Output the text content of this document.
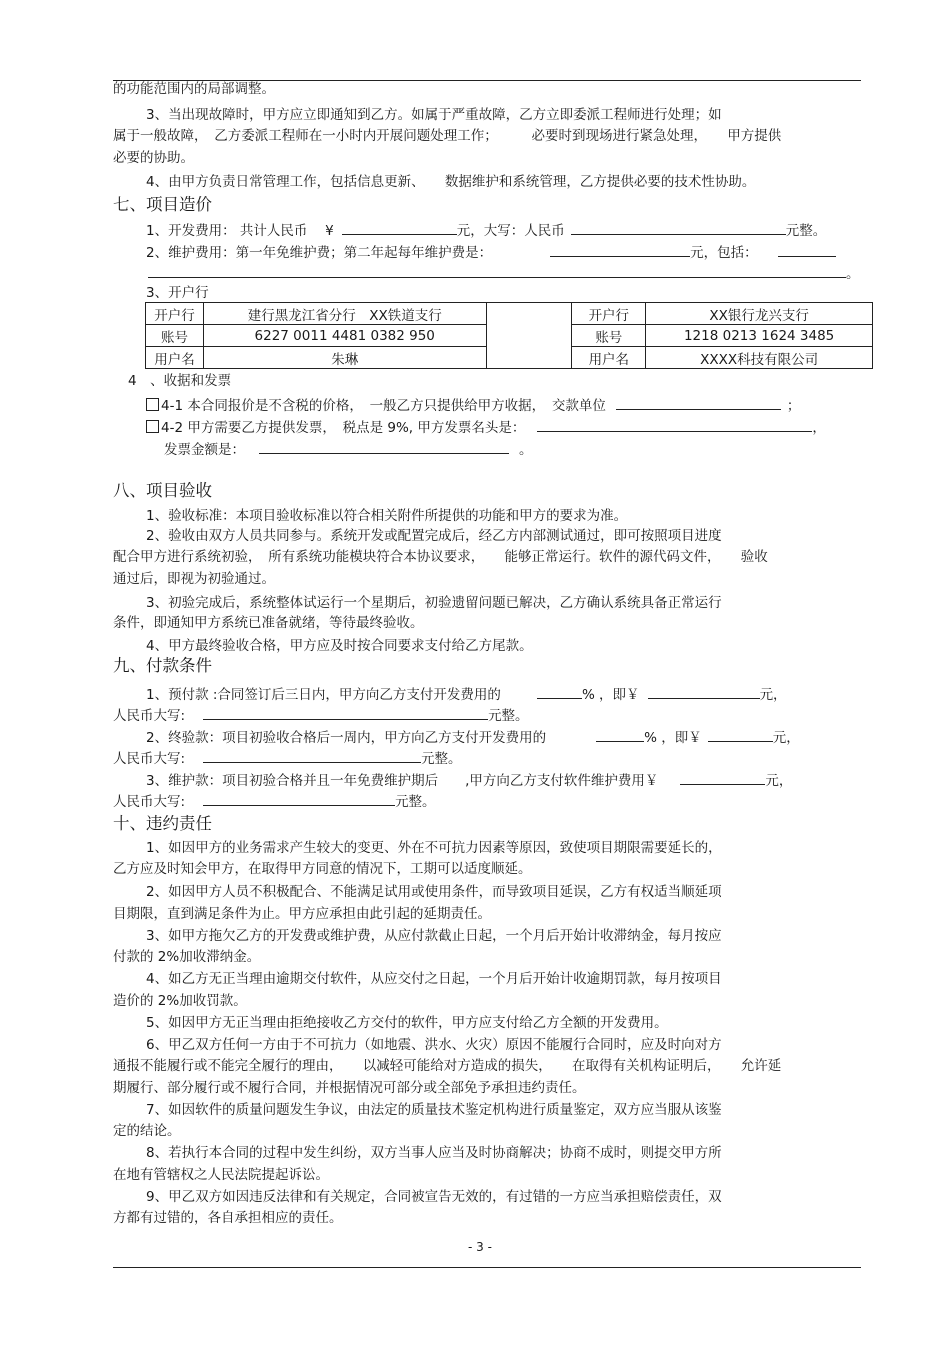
的功能范围内的局部调整。
3、当出现故障时，甲方应立即通知到乙方。如属于严重故障，乙方立即委派工程师进行处理；如
属于一般故障，　乙方委派工程师在一小时内开展问题处理工作；　　　必要时到现场进行紧急处理，　　甲方提供
必要的协助。
4、由甲方负责日常管理工作，包括信息更新、　　数据维护和系统管理，乙方提供必要的技术性协助。
七、项目造价
1、开发费用： 共计人民币　 ¥	元，大写：人民币	元整。
2、维护费用：第一年免维护费；第二年起每年维护费是：	元，包括：
。
3、开户行
开户行	建行黑龙江省分行　XX铁道支行		开户行	XX银行龙兴支行
账号	6227 0011 4481 0382 950		账号	1218 0213 1624 3485
用户名	朱琳		用户名	XXXX科技有限公司
4　、收据和发票
4-1 本合同报价是不含税的价格，　一般乙方只提供给甲方收据，　交款单位	；
4-2 甲方需要乙方提供发票，　税点是 9%, 甲方发票名头是：	，
发票金额是：	。
八、项目验收
1、验收标准：本项目验收标准以符合相关附件所提供的功能和甲方的要求为准。
2、验收由双方人员共同参与。系统开发或配置完成后，经乙方内部测试通过，即可按照项目进度
配合甲方进行系统初验，　所有系统功能模块符合本协议要求，　　能够正常运行。软件的源代码文件，　　验收
通过后，即视为初验通过。
3、初验完成后，系统整体试运行一个星期后，初验遗留问题已解决，乙方确认系统具备正常运行
条件，即通知甲方系统已准备就绪，等待最终验收。
4、甲方最终验收合格，甲方应及时按合同要求支付给乙方尾款。
九、付款条件
1、预付款 :合同签订后三日内，甲方向乙方支付开发费用的	% ，即￥	元，
人民币大写:	元整。
2、终验款：项目初验收合格后一周内，甲方向乙方支付开发费用的	% ，即￥	元，
人民币大写:	元整。
3、维护款：项目初验合格并且一年免费维护期后　　,甲方向乙方支付软件维护费用￥	元，
人民币大写:	元整。
十、违约责任
1、如因甲方的业务需求产生较大的变更、外在不可抗力因素等原因，致使项目期限需要延长的，
乙方应及时知会甲方，在取得甲方同意的情况下，工期可以适度顺延。
2、如因甲方人员不积极配合、不能满足试用或使用条件，而导致项目延误，乙方有权适当顺延项
目期限，直到满足条件为止。甲方应承担由此引起的延期责任。
3、如甲方拖欠乙方的开发费或维护费，从应付款截止日起，一个月后开始计收滞纳金，每月按应
付款的 2%加收滞纳金。
4、如乙方无正当理由逾期交付软件，从应交付之日起，一个月后开始计收逾期罚款，每月按项目
造价的 2%加收罚款。
5、如因甲方无正当理由拒绝接收乙方交付的软件，甲方应支付给乙方全额的开发费用。
6、甲乙双方任何一方由于不可抗力（如地震、洪水、火灾）原因不能履行合同时，应及时向对方
通报不能履行或不能完全履行的理由，　　以减轻可能给对方造成的损失，　　在取得有关机构证明后，　　允许延
期履行、部分履行或不履行合同，并根据情况可部分或全部免予承担违约责任。
7、如因软件的质量问题发生争议，由法定的质量技术鉴定机构进行质量鉴定，双方应当服从该鉴
定的结论。
8、若执行本合同的过程中发生纠纷，双方当事人应当及时协商解决；协商不成时，则提交甲方所
在地有管辖权之人民法院提起诉讼。
9、甲乙双方如因违反法律和有关规定，合同被宣告无效的，有过错的一方应当承担赔偿责任，双
方都有过错的，各自承担相应的责任。
- 3 -
